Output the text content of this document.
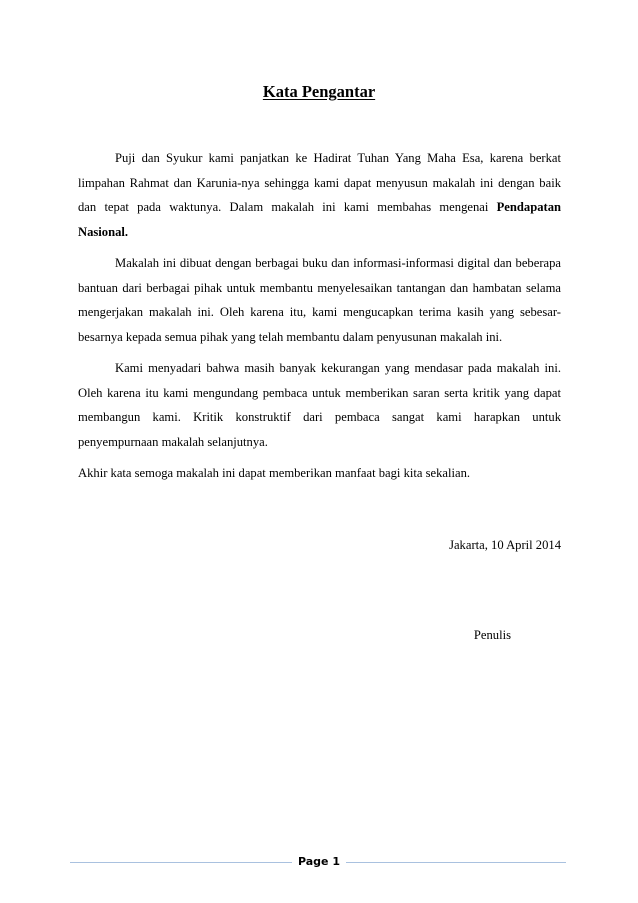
Kata Pengantar

Puji dan Syukur kami panjatkan ke Hadirat Tuhan Yang Maha Esa, karena berkat limpahan Rahmat dan Karunia-nya sehingga kami dapat menyusun makalah ini dengan baik dan tepat pada waktunya. Dalam makalah ini kami membahas mengenai Pendapatan Nasional.

Makalah ini dibuat dengan berbagai buku dan informasi-informasi digital dan beberapa bantuan dari berbagai pihak untuk membantu menyelesaikan tantangan dan hambatan selama mengerjakan makalah ini. Oleh karena itu, kami mengucapkan terima kasih yang sebesar-besarnya kepada semua pihak yang telah membantu dalam penyusunan makalah ini.

Kami menyadari bahwa masih banyak kekurangan yang mendasar pada makalah ini. Oleh karena itu kami mengundang pembaca untuk memberikan saran serta kritik yang dapat membangun kami. Kritik konstruktif dari pembaca sangat kami harapkan untuk penyempurnaan makalah selanjutnya.

Akhir kata semoga makalah ini dapat memberikan manfaat bagi kita sekalian.

Jakarta, 10 April 2014
Penulis
Page 1
